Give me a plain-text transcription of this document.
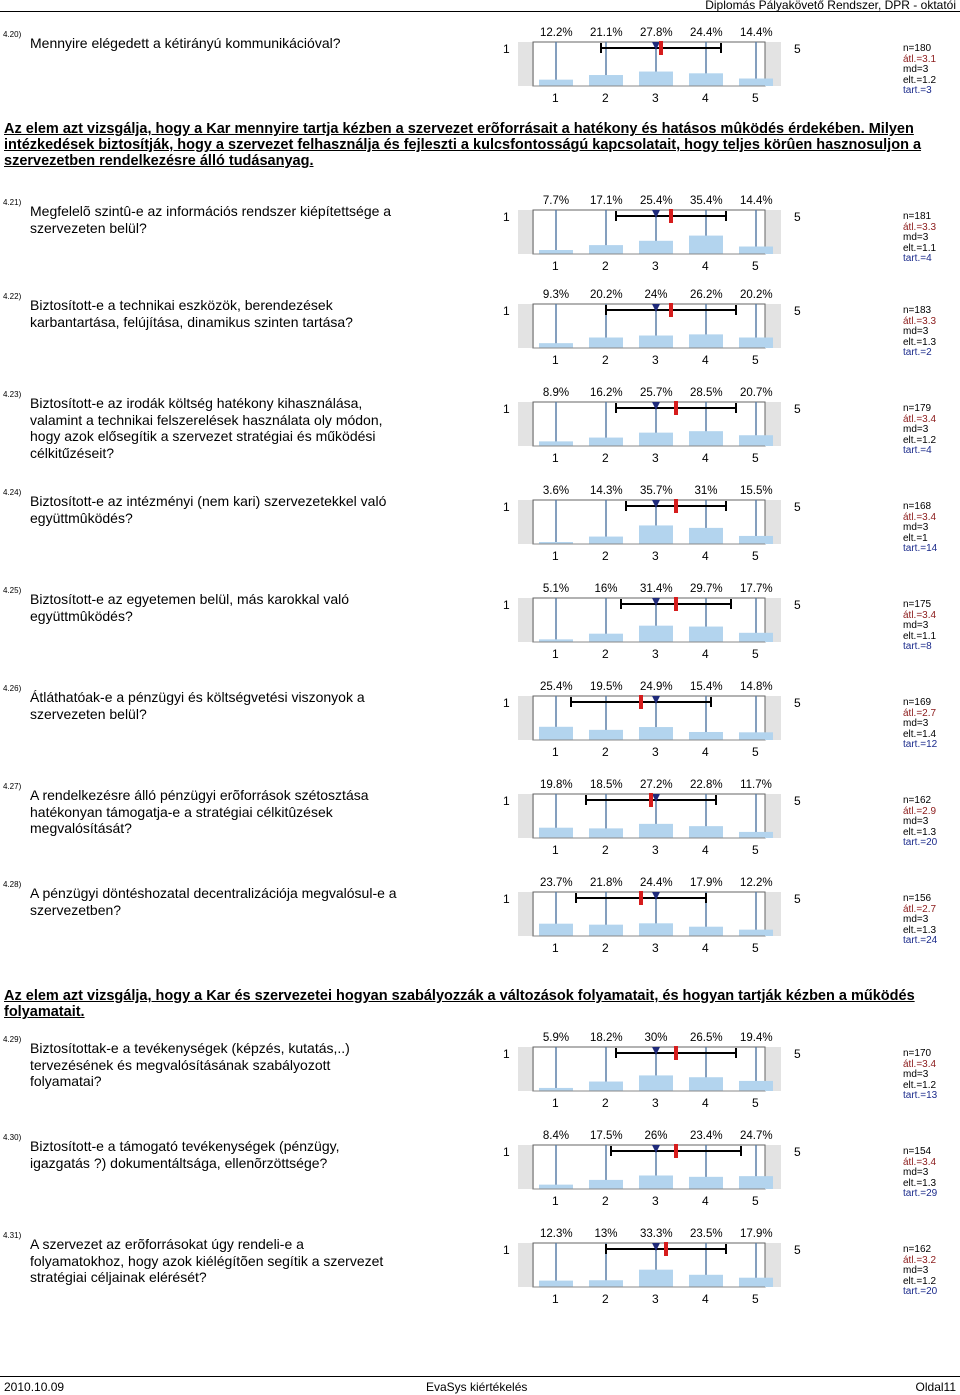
Diplomás Pályakövető Rendszer, DPR - oktatói
Az elem azt vizsgálja, hogy a Kar mennyire tartja kézben a szervezet erõforrásait a hatékony és hatásos mûködés érdekében. Milyen intézkedések biztosítják, hogy a szervezet felhasználja és fejleszti a kulcsfontosságú kapcsolatait, hogy teljes körûen hasznosuljon a szervezetben rendelkezésre álló tudásanyag.
Az elem azt vizsgálja, hogy a Kar és szervezetei hogyan szabályozzák a változások folyamatait, és hogyan tartják kézben a működés folyamatait.
4.20)
Mennyire elégedett a kétirányú kommunikációval?	1	5
12.2% 21.1% 27.8% 24.4% 14.4%
1	2	3	4	5
n=180
átl.=3.1
md=3
elt.=1.2
tart.=3
4.21)
Megfelelõ szintû-e az információs rendszer kiépítettsége a szervezeten belül?
1	5
7.7% 17.1% 25.4% 35.4% 14.4%
1	2	3	4	5
n=181
átl.=3.3
md=3
elt.=1.1
tart.=4
4.22)
Biztosított-e a technikai eszközök, berendezések karbantartása, felújítása, dinamikus szinten tartása?
1	5
9.3% 20.2%	24%	26.2% 20.2%
1	2	3	4	5
n=183
átl.=3.3
md=3
elt.=1.3
tart.=2
4.23)
Biztosított-e az irodák költség hatékony kihasználása, valamint a technikai felszerelések használata oly módon, hogy azok elősegítik a szervezet stratégiai és működési célkitűzéseit?
1	5
8.9% 16.2% 25.7% 28.5% 20.7%
1	2	3	4	5
n=179
átl.=3.4
md=3
elt.=1.2
tart.=4
4.24)
Biztosított-e az intézményi (nem kari) szervezetekkel való együttmûködés?
1	5
3.6% 14.3% 35.7%	31%	15.5%
1	2	3	4	5
n=168
átl.=3.4
md=3
elt.=1
tart.=14
4.25)
Biztosított-e az egyetemen belül, más karokkal való együttmûködés?
1	5
5.1%	16%	31.4% 29.7% 17.7%
1	2	3	4	5
n=175
átl.=3.4
md=3
elt.=1.1
tart.=8
4.26)
Átláthatóak-e a pénzügyi és költségvetési viszonyok a szervezeten belül?
1	5
25.4% 19.5% 24.9% 15.4% 14.8%
1	2	3	4	5
n=169
átl.=2.7
md=3
elt.=1.4
tart.=12
4.27)
A rendelkezésre álló pénzügyi erõforrások szétosztása hatékonyan támogatja-e a stratégiai célkitûzések megvalósítását?
1	5
19.8% 18.5% 27.2% 22.8% 11.7%
1	2	3	4	5
n=162
átl.=2.9
md=3
elt.=1.3
tart.=20
4.28)
A pénzügyi döntéshozatal decentralizációja megvalósul-e a szervezetben?
1	5
23.7% 21.8% 24.4% 17.9% 12.2%
1	2	3	4	5
n=156
átl.=2.7
md=3
elt.=1.3
tart.=24
4.29)
Biztosítottak-e a tevékenységek (képzés, kutatás,..) tervezésének és megvalósításának szabályozott folyamatai?
1	5
5.9% 18.2%	30%	26.5% 19.4%
1	2	3	4	5
n=170
átl.=3.4
md=3
elt.=1.2
tart.=13
4.30)
Biztosított-e a támogató tevékenységek (pénzügy, igazgatás ?) dokumentáltsága, ellenõrzöttsége?
1	5
8.4% 17.5%	26%	23.4% 24.7%
1	2	3	4	5
n=154
átl.=3.4
md=3
elt.=1.3
tart.=29
4.31)
A szervezet az erõforrásokat úgy rendeli-e a folyamatokhoz, hogy azok kiélégítõen segítik a szervezet stratégiai céljainak elérését?
1	5
12.3%	13%	33.3% 23.5% 17.9%
1	2	3	4	5
n=162
átl.=3.2
md=3
elt.=1.2
tart.=20
2010.10.09	EvaSys kiértékelés	Oldal11
